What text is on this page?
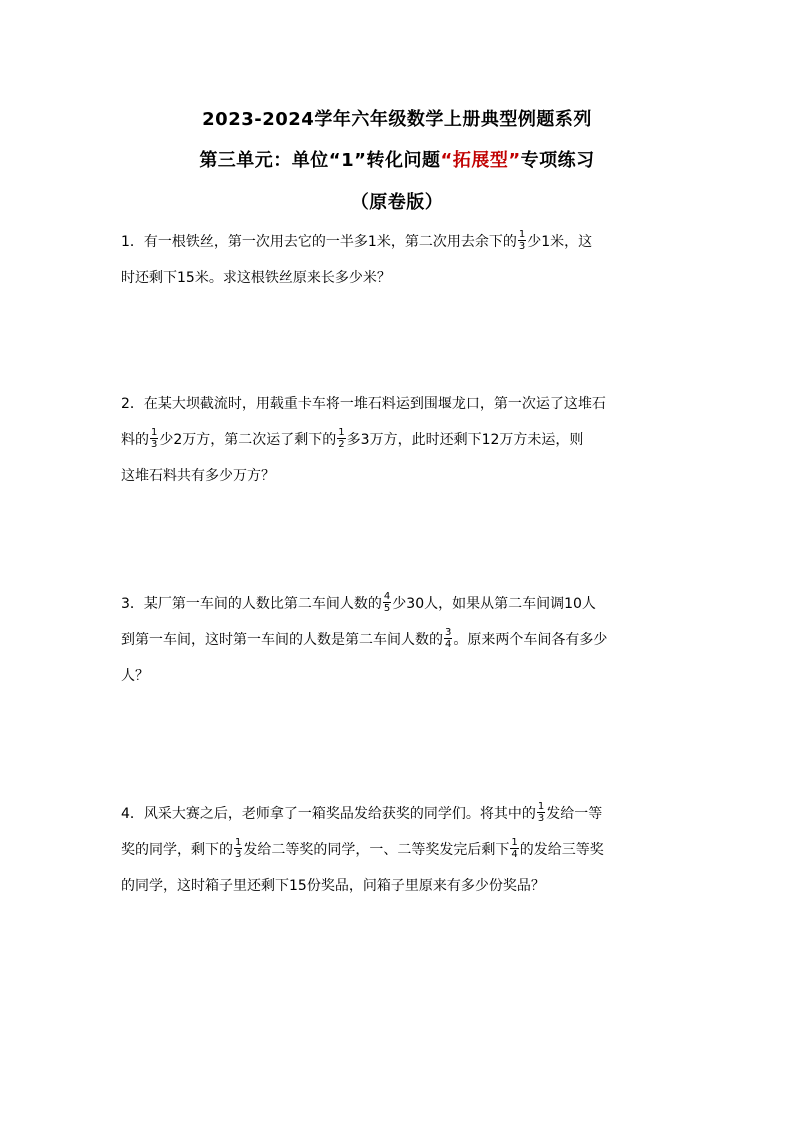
2023-2024学年六年级数学上册典型例题系列
第三单元：单位“1”转化问题“拓展型”专项练习
（原卷版）
1．有一根铁丝，第一次用去它的一半多1米，第二次用去余下的 $\frac{1}{3}$ 少1米，这
时还剩下15米。求这根铁丝原来长多少米？
2．在某大坝截流时，用载重卡车将一堆石料运到围堰龙口，第一次运了这堆石
料的 $\frac{1}{3}$ 少2万方，第二次运了剩下的 $\frac{1}{2}$ 多3万方，此时还剩下12万方未运，则
这堆石料共有多少万方？
3．某厂第一车间的人数比第二车间人数的 $\frac{4}{5}$ 少30人，如果从第二车间调10人
到第一车间，这时第一车间的人数是第二车间人数的 $\frac{3}{4}$ 。原来两个车间各有多少
人？
4．风采大赛之后，老师拿了一箱奖品发给获奖的同学们。将其中的 $\frac{1}{3}$ 发给一等
奖的同学，剩下的 $\frac{1}{3}$ 发给二等奖的同学，一、二等奖发完后剩下 $\frac{1}{4}$ 的发给三等奖
的同学，这时箱子里还剩下15份奖品，问箱子里原来有多少份奖品？
